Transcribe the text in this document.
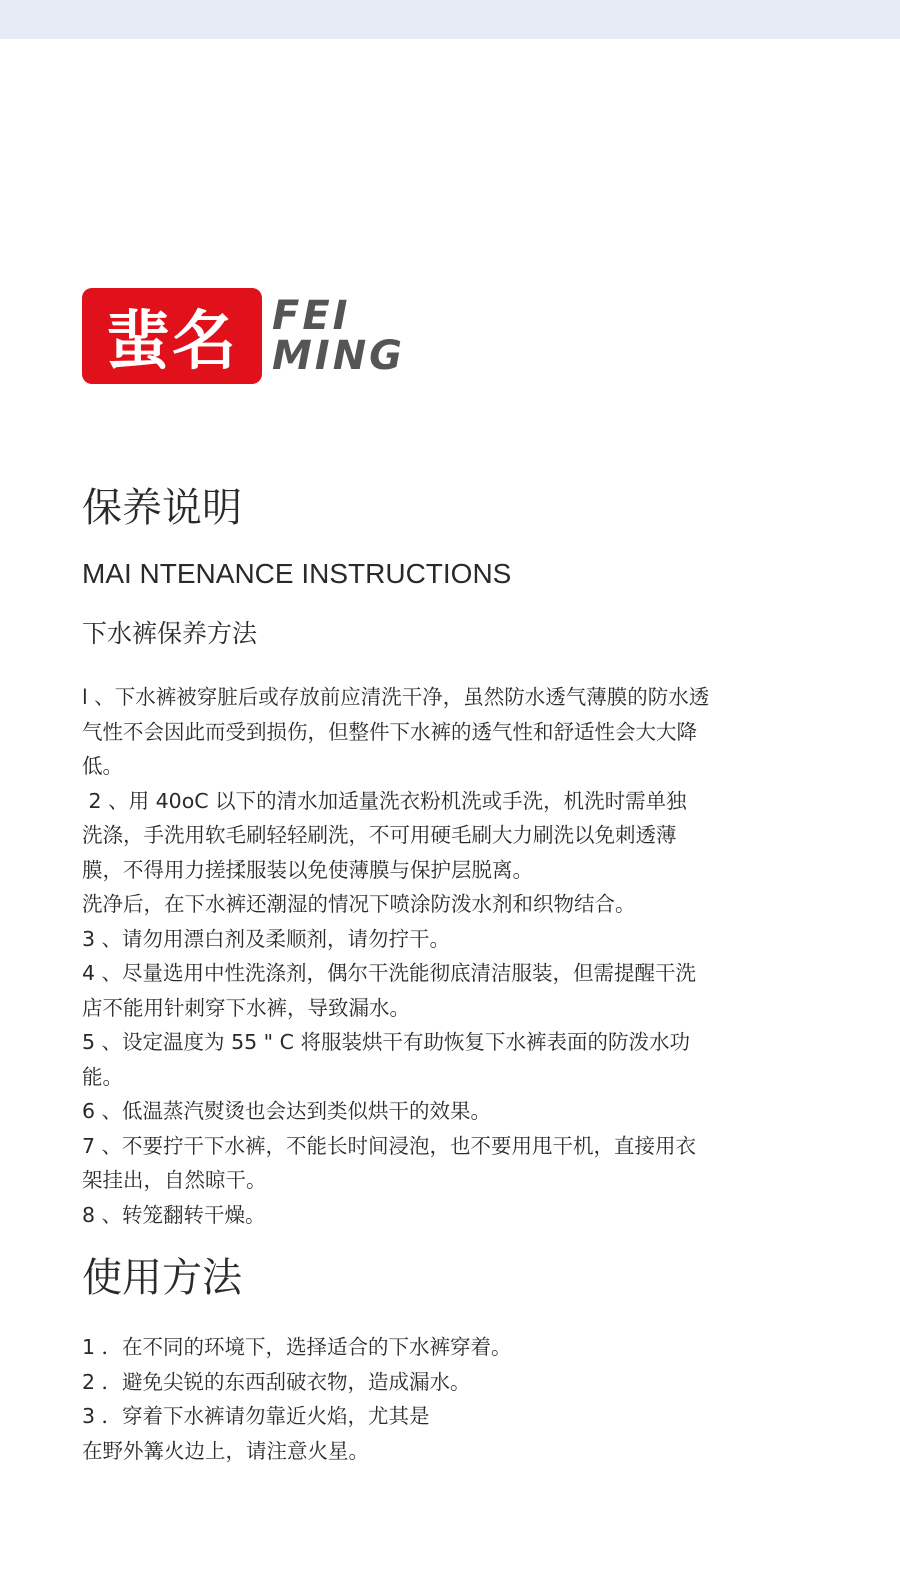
蜚名 FEI
MING
保养说明
MAI NTENANCE INSTRUCTIONS
下水裤保养方法
l 、下水裤被穿脏后或存放前应清洗干净，虽然防水透气薄膜的防水透
气性不会因此而受到损伤，但整件下水裤的透气性和舒适性会大大降
低。
2 、用 40oC 以下的清水加适量洗衣粉机洗或手洗，机洗时需单独
洗涤，手洗用软毛刷轻轻刷洗，不可用硬毛刷大力刷洗以免刺透薄
膜，不得用力搓揉服装以免使薄膜与保护层脱离。
洗净后，在下水裤还潮湿的情况下喷涂防泼水剂和织物结合。
3 、请勿用漂白剂及柔顺剂，请勿拧干。
4 、尽量选用中性洗涤剂，偶尔干洗能彻底清洁服装，但需提醒干洗
店不能用针刺穿下水裤，导致漏水。
5 、设定温度为 55 " C 将服装烘干有助恢复下水裤表面的防泼水功
能。
6 、低温蒸汽熨烫也会达到类似烘干的效果。
7 、不要拧干下水裤，不能长时间浸泡，也不要用甩干机，直接用衣
架挂出，自然晾干。
8 、转笼翻转干燥。
使用方法
1 ．在不同的环境下，选择适合的下水裤穿着。
2 ．避免尖锐的东西刮破衣物，造成漏水。
3 ．穿着下水裤请勿靠近火焰，尤其是
在野外篝火边上，请注意火星。
